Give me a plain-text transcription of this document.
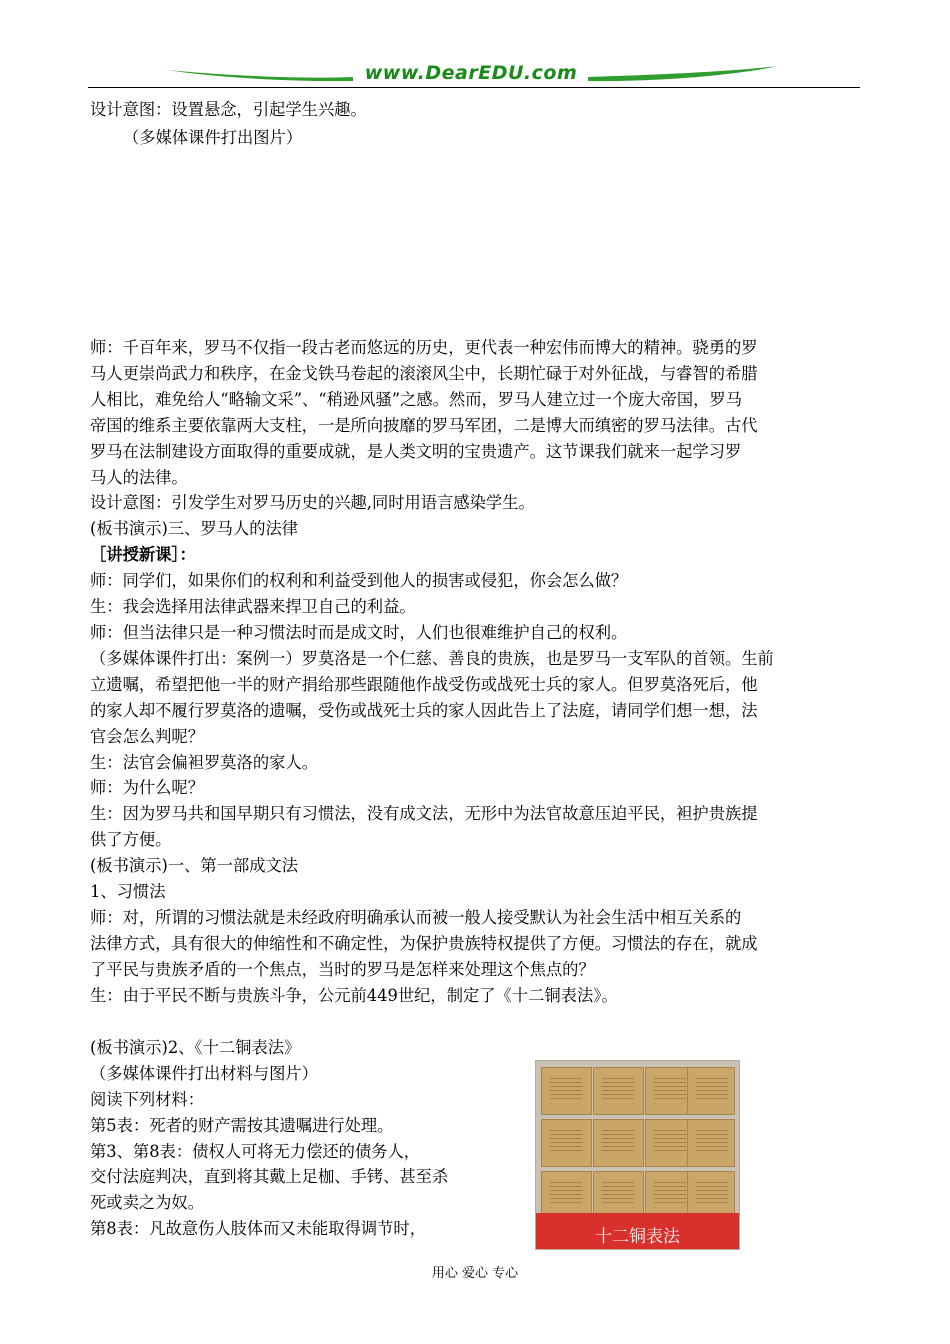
www.DearEDU.com
设计意图：设置悬念，引起学生兴趣。
（多媒体课件打出图片）
师：千百年来，罗马不仅指一段古老而悠远的历史，更代表一种宏伟而博大的精神。骁勇的罗
马人更崇尚武力和秩序，在金戈铁马卷起的滚滚风尘中，长期忙碌于对外征战，与睿智的希腊
人相比，难免给人“略输文采”、“稍逊风骚”之感。然而，罗马人建立过一个庞大帝国，罗马
帝国的维系主要依靠两大支柱，一是所向披靡的罗马军团，二是博大而缜密的罗马法律。古代
罗马在法制建设方面取得的重要成就，是人类文明的宝贵遗产。这节课我们就来一起学习罗
马人的法律。
设计意图：引发学生对罗马历史的兴趣,同时用语言感染学生。
(板书演示)三、罗马人的法律
［讲授新课］：
师：同学们，如果你们的权利和利益受到他人的损害或侵犯，你会怎么做？
生：我会选择用法律武器来捍卫自己的利益。
师：但当法律只是一种习惯法时而是成文时，人们也很难维护自己的权利。
（多媒体课件打出：案例一）罗莫洛是一个仁慈、善良的贵族，也是罗马一支军队的首领。生前
立遗嘱，希望把他一半的财产捐给那些跟随他作战受伤或战死士兵的家人。但罗莫洛死后，他
的家人却不履行罗莫洛的遗嘱，受伤或战死士兵的家人因此告上了法庭，请同学们想一想，法
官会怎么判呢？
生：法官会偏袒罗莫洛的家人。
师：为什么呢？
生：因为罗马共和国早期只有习惯法，没有成文法，无形中为法官故意压迫平民，袒护贵族提
供了方便。
(板书演示)一、第一部成文法
1、习惯法
师：对，所谓的习惯法就是未经政府明确承认而被一般人接受默认为社会生活中相互关系的
法律方式，具有很大的伸缩性和不确定性，为保护贵族特权提供了方便。习惯法的存在，就成
了平民与贵族矛盾的一个焦点，当时的罗马是怎样来处理这个焦点的？
生：由于平民不断与贵族斗争，公元前449世纪，制定了《十二铜表法》。
(板书演示)2、《十二铜表法》
（多媒体课件打出材料与图片）
阅读下列材料：
第5表：死者的财产需按其遗嘱进行处理。
第3、第8表：债权人可将无力偿还的债务人，
交付法庭判决，直到将其戴上足枷、手铐、甚至杀
死或卖之为奴。
第8表：凡故意伤人肢体而又未能取得调节时，	十二铜表法
用心 爱心 专心
